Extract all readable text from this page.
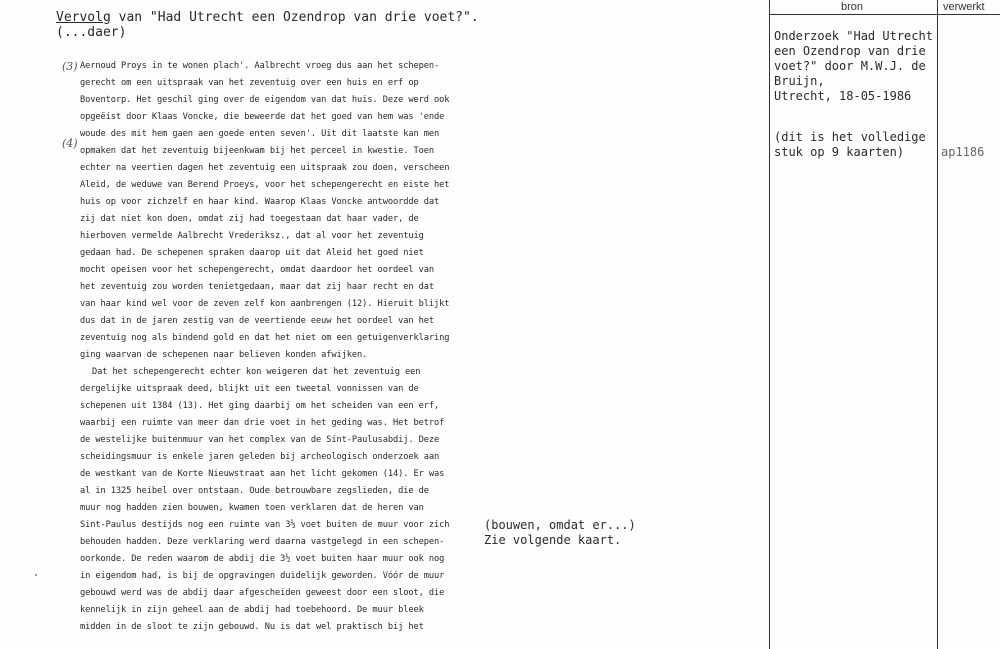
Vervolg van "Had Utrecht een Ozendrop van drie voet?".
(...daer)
(3)
(4)
Aernoud Proys in te wonen plach'. Aalbrecht vroeg dus aan het schepen-
gerecht om een uitspraak van het zeventuig over een huis en erf op
Boventorp. Het geschil ging over de eigendom van dat huis. Deze werd ook
opgeëist door Klaas Voncke, die beweerde dat het goed van hem was 'ende
woude des mit hem gaen aen goede enten seven'. Uit dit laatste kan men
opmaken dat het zeventuig bijeenkwam bij het perceel in kwestie. Toen
echter na veertien dagen het zeventuig een uitspraak zou doen, verscheen
Aleid, de weduwe van Berend Proeys, voor het schepengerecht en eiste het
huis op voor zichzelf en haar kind. Waarop Klaas Voncke antwoordde dat
zij dat niet kon doen, omdat zij had toegestaan dat haar vader, de
hierboven vermelde Aalbrecht Vrederiksz., dat al voor het zeventuig
gedaan had. De schepenen spraken daarop uit dat Aleid het goed niet
mocht opeisen voor het schepengerecht, omdat daardoor het oordeel van
het zeventuig zou worden tenietgedaan, maar dat zij haar recht en dat
van haar kind wel voor de zeven zelf kon aanbrengen (12). Hieruit blijkt
dus dat in de jaren zestig van de veertiende eeuw het oordeel van het
zeventuig nog als bindend gold en dat het niet om een getuigenverklaring
ging waarvan de schepenen naar believen konden afwijken.
Dat het schepengerecht echter kon weigeren dat het zeventuig een
dergelijke uitspraak deed, blijkt uit een tweetal vonnissen van de
schepenen uit 1384 (13). Het ging daarbij om het scheiden van een erf,
waarbij een ruimte van meer dan drie voet in het geding was. Het betrof
de westelijke buitenmuur van het complex van de Sint-Paulusabdij. Deze
scheidingsmuur is enkele jaren geleden bij archeologisch onderzoek aan
de westkant van de Korte Nieuwstraat aan het licht gekomen (14). Er was
al in 1325 heibel over ontstaan. Oude betrouwbare zegslieden, die de
muur nog hadden zien bouwen, kwamen toen verklaren dat de heren van
Sint-Paulus destijds nog een ruimte van 3½ voet buiten de muur voor zich
behouden hadden. Deze verklaring werd daarna vastgelegd in een schepen-
oorkonde. De reden waarom de abdij die 3½ voet buiten haar muur ook nog
in eigendom had, is bij de opgravingen duidelijk geworden. Vóór de muur
gebouwd werd was de abdij daar afgescheiden geweest door een sloot, die
kennelijk in zijn geheel aan de abdij had toebehoord. De muur bleek
midden in de sloot te zijn gebouwd. Nu is dat wel praktisch bij het
(bouwen, omdat er...)
Zie volgende kaart.
bron	verwerkt
Onderzoek "Had Utrecht
een Ozendrop van drie
voet?" door M.W.J. de
Bruijn,
Utrecht, 18-05-1986
(dit is het volledige
stuk op 9 kaarten)	ap1186
